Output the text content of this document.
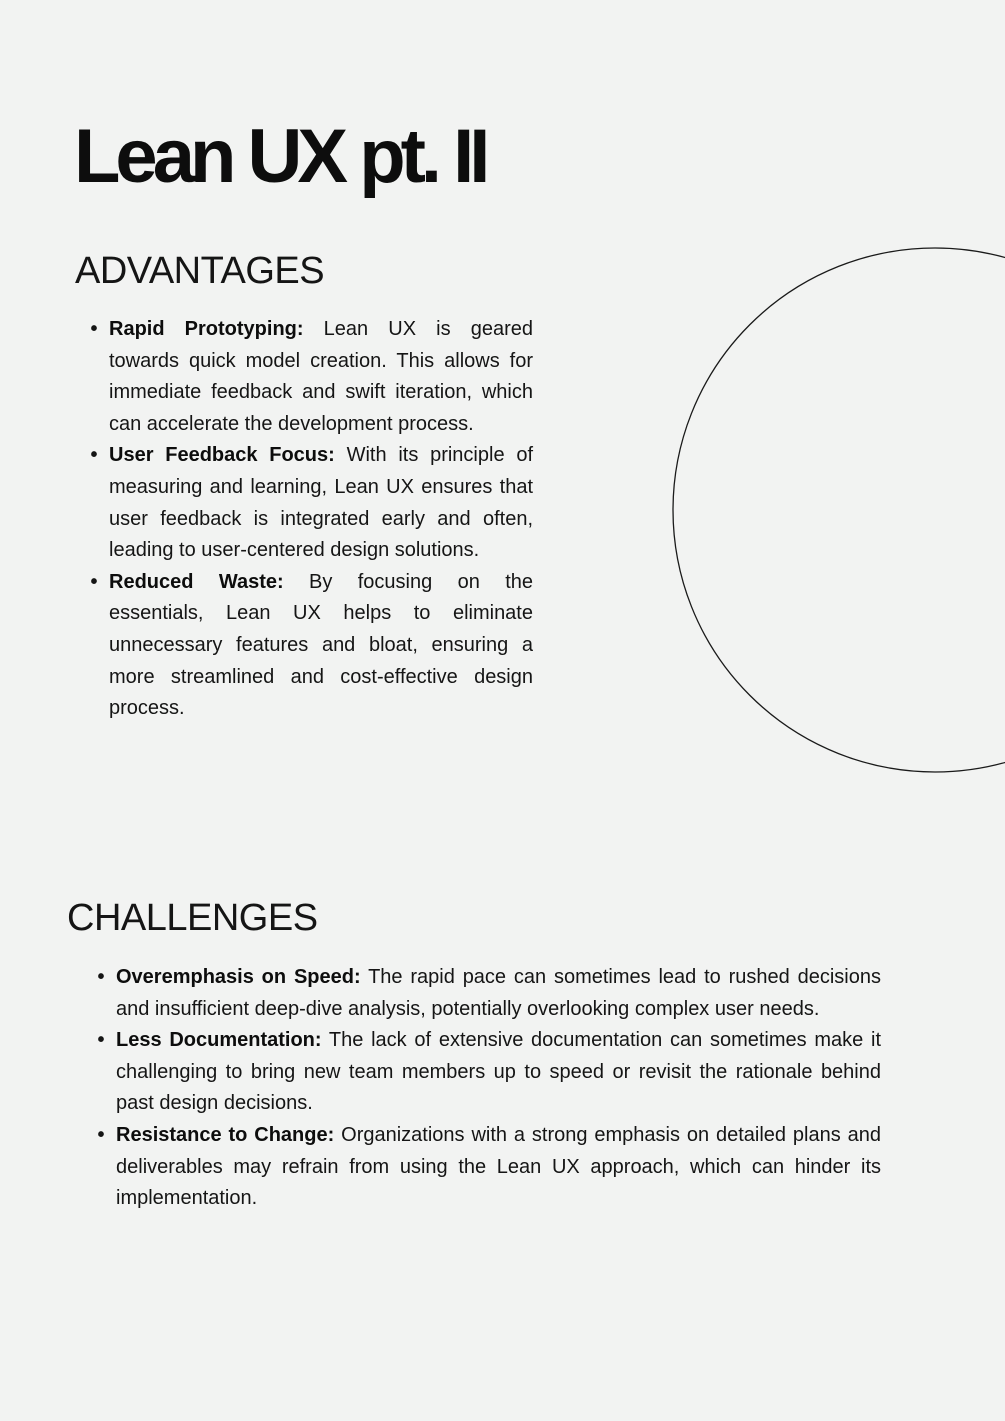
Lean UX pt. II
ADVANTAGES
• Rapid Prototyping: Lean UX is geared towards quick model creation. This allows for immediate feedback and swift iteration, which can accelerate the development process.
• User Feedback Focus: With its principle of measuring and learning, Lean UX ensures that user feedback is integrated early and often, leading to user-centered design solutions.
• Reduced Waste: By focusing on the essentials, Lean UX helps to eliminate unnecessary features and bloat, ensuring a more streamlined and cost-effective design process.
CHALLENGES
• Overemphasis on Speed: The rapid pace can sometimes lead to rushed decisions and insufficient deep-dive analysis, potentially overlooking complex user needs.
• Less Documentation: The lack of extensive documentation can sometimes make it challenging to bring new team members up to speed or revisit the rationale behind past design decisions.
• Resistance to Change: Organizations with a strong emphasis on detailed plans and deliverables may refrain from using the Lean UX approach, which can hinder its implementation.
